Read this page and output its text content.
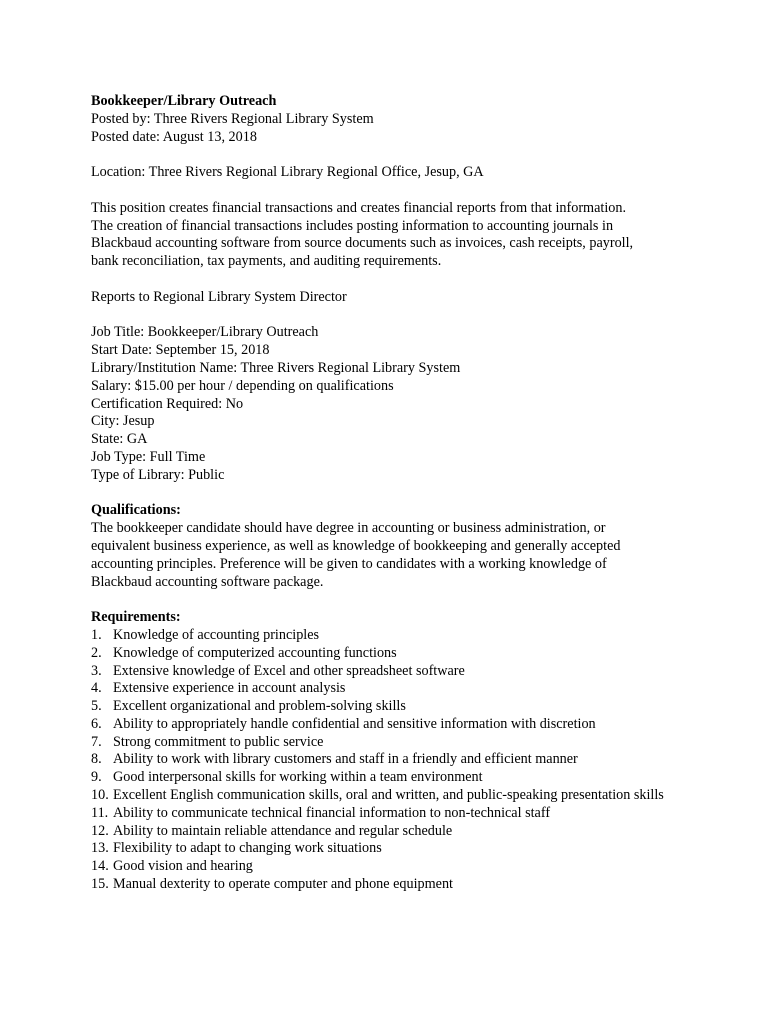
Bookkeeper/Library Outreach
Posted by: Three Rivers Regional Library System
Posted date: August 13, 2018
Location: Three Rivers Regional Library Regional Office, Jesup, GA
This position creates financial transactions and creates financial reports from that information.
The creation of financial transactions includes posting information to accounting journals in
Blackbaud accounting software from source documents such as invoices, cash receipts, payroll,
bank reconciliation, tax payments, and auditing requirements.
Reports to Regional Library System Director
Job Title: Bookkeeper/Library Outreach
Start Date: September 15, 2018
Library/Institution Name: Three Rivers Regional Library System
Salary: $15.00 per hour / depending on qualifications
Certification Required: No
City: Jesup
State: GA
Job Type: Full Time
Type of Library: Public
Qualifications:
The bookkeeper candidate should have degree in accounting or business administration, or
equivalent business experience, as well as knowledge of bookkeeping and generally accepted
accounting principles. Preference will be given to candidates with a working knowledge of
Blackbaud accounting software package.
Requirements:
1. Knowledge of accounting principles
2. Knowledge of computerized accounting functions
3. Extensive knowledge of Excel and other spreadsheet software
4. Extensive experience in account analysis
5. Excellent organizational and problem-solving skills
6. Ability to appropriately handle confidential and sensitive information with discretion
7. Strong commitment to public service
8. Ability to work with library customers and staff in a friendly and efficient manner
9. Good interpersonal skills for working within a team environment
10. Excellent English communication skills, oral and written, and public-speaking presentation skills
11. Ability to communicate technical financial information to non-technical staff
12. Ability to maintain reliable attendance and regular schedule
13. Flexibility to adapt to changing work situations
14. Good vision and hearing
15. Manual dexterity to operate computer and phone equipment
